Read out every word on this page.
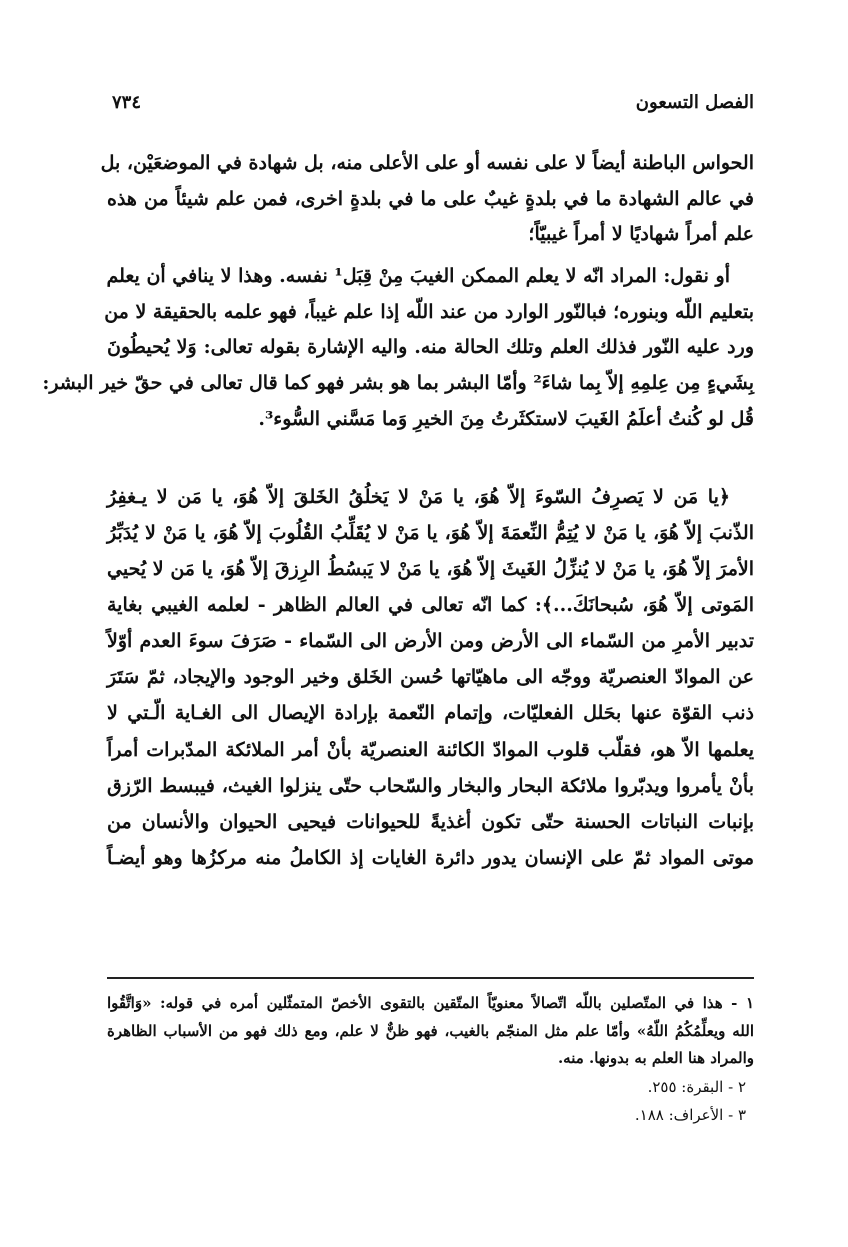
٧٣٤	الفصل التسعون
الحواس الباطنة أيضاً لا على نفسه أو على الأعلى منه، بل شهادة في الموضعَيْن، بل
في عالم الشهادة ما في بلدةٍ غيبٌ على ما في بلدةٍ اخرى، فمن علم شيئاً من هذه
علم أمراً شهاديًا لا أمراً غيبيّاً؛
أو نقول: المراد انّه لا يعلم الممكن الغيبَ مِنْ قِبَل¹ نفسه. وهذا لا ينافي أن يعلم
بتعليم اللّه وبنوره؛ فبالنّور الوارد من عند اللّه إذا علم غيباً، فهو علمه بالحقيقة لا من
ورد عليه النّور فذلك العلم وتلك الحالة منه. واليه الإشارة بقوله تعالى: وَلا يُحيطُونَ
بِشَيءٍ مِن عِلمِهِ إلاّ بِما شاءَ² وأمّا البشر بما هو بشر فهو كما قال تعالى في حقّ خير البشر:
قُل لو كُنتُ أعلَمُ الغَيبَ لاستكثَرتُ مِنَ الخيرِ وَما مَسَّني السُّوء³.
﴿يا مَن لا يَصرِفُ السّوءَ إلاّ هُوَ، يا مَنْ لا يَخلُقُ الخَلقَ إلاّ هُوَ، يا مَن لا يـغفِرُ
الذّنبَ إلاّ هُوَ، يا مَنْ لا يُتِمُّ النِّعمَةَ إلاّ هُوَ، يا مَنْ لا يُقَلِّبُ القُلُوبَ إلاّ هُوَ، يا مَنْ لا يُدَبِّرُ
الأمرَ إلاّ هُوَ، يا مَنْ لا يُنزِّلُ الغَيثَ إلاّ هُوَ، يا مَنْ لا يَبسُطُ الرِزقَ إلاّ هُوَ، يا مَن لا يُحيي
المَوتى إلاّ هُوَ، سُبحانَكَ...﴾: كما انّه تعالى في العالم الظاهر - لعلمه الغيبي بغاية
تدبير الأمرِ من السّماء الى الأرض ومن الأرض الى السّماء - صَرَفَ سوءَ العدم أوّلاً
عن الموادّ العنصريّة ووجّه الى ماهيّاتها حُسن الخَلق وخير الوجود والإيجاد، ثمّ سَتَرَ
ذنب القوّة عنها بحَلل الفعليّات، وإتمام النّعمة بإرادة الإيصال الى الغـاية الّـتي لا
يعلمها الاّ هو، فقلّب قلوب الموادّ الكائنة العنصريّة بأنْ أمر الملائكة المدّبرات أمراً
بأنْ يأمروا ويدبّروا ملائكة البحار والبخار والسّحاب حتّى ينزلوا الغيث، فيبسط الرّزق
بإنبات النباتات الحسنة حتّى تكون أغذيةً للحيوانات فيحيى الحيوان والأنسان من
موتى المواد ثمّ على الإنسان يدور دائرة الغايات إذ الكاملُ منه مركزُها وهو أيضـاً
١ - هذا في المتّصلين باللّه اتّصالاً معنويّاً المتّقين بالتقوى الأخصّ المتمثّلين أمره في قوله: «وَاتَّقُوا
الله ويعلِّمُكُمُ اللّهُ» وأمّا علم مثل المنجّم بالغيب، فهو ظنٌّ لا علم، ومع ذلك فهو من الأسباب الظاهرة
والمراد هنا العلم به بدونها. منه.
٢ - البقرة: ٢٥٥.
٣ - الأعراف: ١٨٨.
